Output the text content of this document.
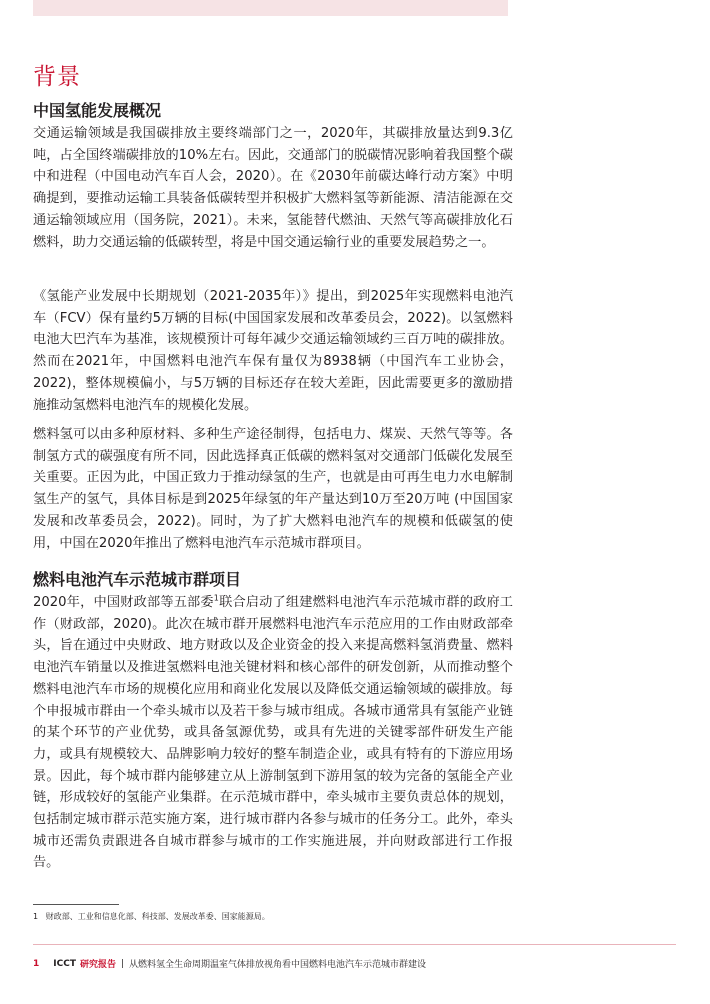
背景
中国氢能发展概况

交通运输领域是我国碳排放主要终端部门之一，2020年，其碳排放量达到9.3亿吨，占全国终端碳排放的10%左右。因此，交通部门的脱碳情况影响着我国整个碳中和进程（中国电动汽车百人会，2020）。在《2030年前碳达峰行动方案》中明确提到，要推动运输工具装备低碳转型并积极扩大燃料氢等新能源、清洁能源在交通运输领域应用（国务院，2021）。未来，氢能替代燃油、天然气等高碳排放化石燃料，助力交通运输的低碳转型，将是中国交通运输行业的重要发展趋势之一。

《氢能产业发展中长期规划（2021-2035年）》提出，到2025年实现燃料电池汽车（FCV）保有量约5万辆的目标(中国国家发展和改革委员会，2022)。以氢燃料电池大巴汽车为基准，该规模预计可每年减少交通运输领域约三百万吨的碳排放。然而在2021年，中国燃料电池汽车保有量仅为8938辆（中国汽车工业协会，2022)，整体规模偏小，与5万辆的目标还存在较大差距，因此需要更多的激励措施推动氢燃料电池汽车的规模化发展。

燃料氢可以由多种原材料、多种生产途径制得，包括电力、煤炭、天然气等等。各制氢方式的碳强度有所不同，因此选择真正低碳的燃料氢对交通部门低碳化发展至关重要。正因为此，中国正致力于推动绿氢的生产，也就是由可再生电力水电解制氢生产的氢气，具体目标是到2025年绿氢的年产量达到10万至20万吨 (中国国家发展和改革委员会，2022)。同时，为了扩大燃料电池汽车的规模和低碳氢的使用，中国在2020年推出了燃料电池汽车示范城市群项目。

燃料电池汽车示范城市群项目

2020年，中国财政部等五部委$^1$联合启动了组建燃料电池汽车示范城市群的政府工作（财政部，2020)。此次在城市群开展燃料电池汽车示范应用的工作由财政部牵头，旨在通过中央财政、地方财政以及企业资金的投入来提高燃料氢消费量、燃料电池汽车销量以及推进氢燃料电池关键材料和核心部件的研发创新，从而推动整个燃料电池汽车市场的规模化应用和商业化发展以及降低交通运输领域的碳排放。每个申报城市群由一个牵头城市以及若干参与城市组成。各城市通常具有氢能产业链的某个环节的产业优势，或具备氢源优势，或具有先进的关键零部件研发生产能力，或具有规模较大、品牌影响力较好的整车制造企业，或具有特有的下游应用场景。因此，每个城市群内能够建立从上游制氢到下游用氢的较为完备的氢能全产业链，形成较好的氢能产业集群。在示范城市群中，牵头城市主要负责总体的规划，包括制定城市群示范实施方案，进行城市群内各参与城市的任务分工。此外，牵头城市还需负责跟进各自城市群参与城市的工作实施进展，并向财政部进行工作报告。

1 财政部、工业和信息化部、科技部、发展改革委、国家能源局。

1 ICCT 研究报告 | 从燃料氢全生命周期温室气体排放视角看中国燃料电池汽车示范城市群建设
